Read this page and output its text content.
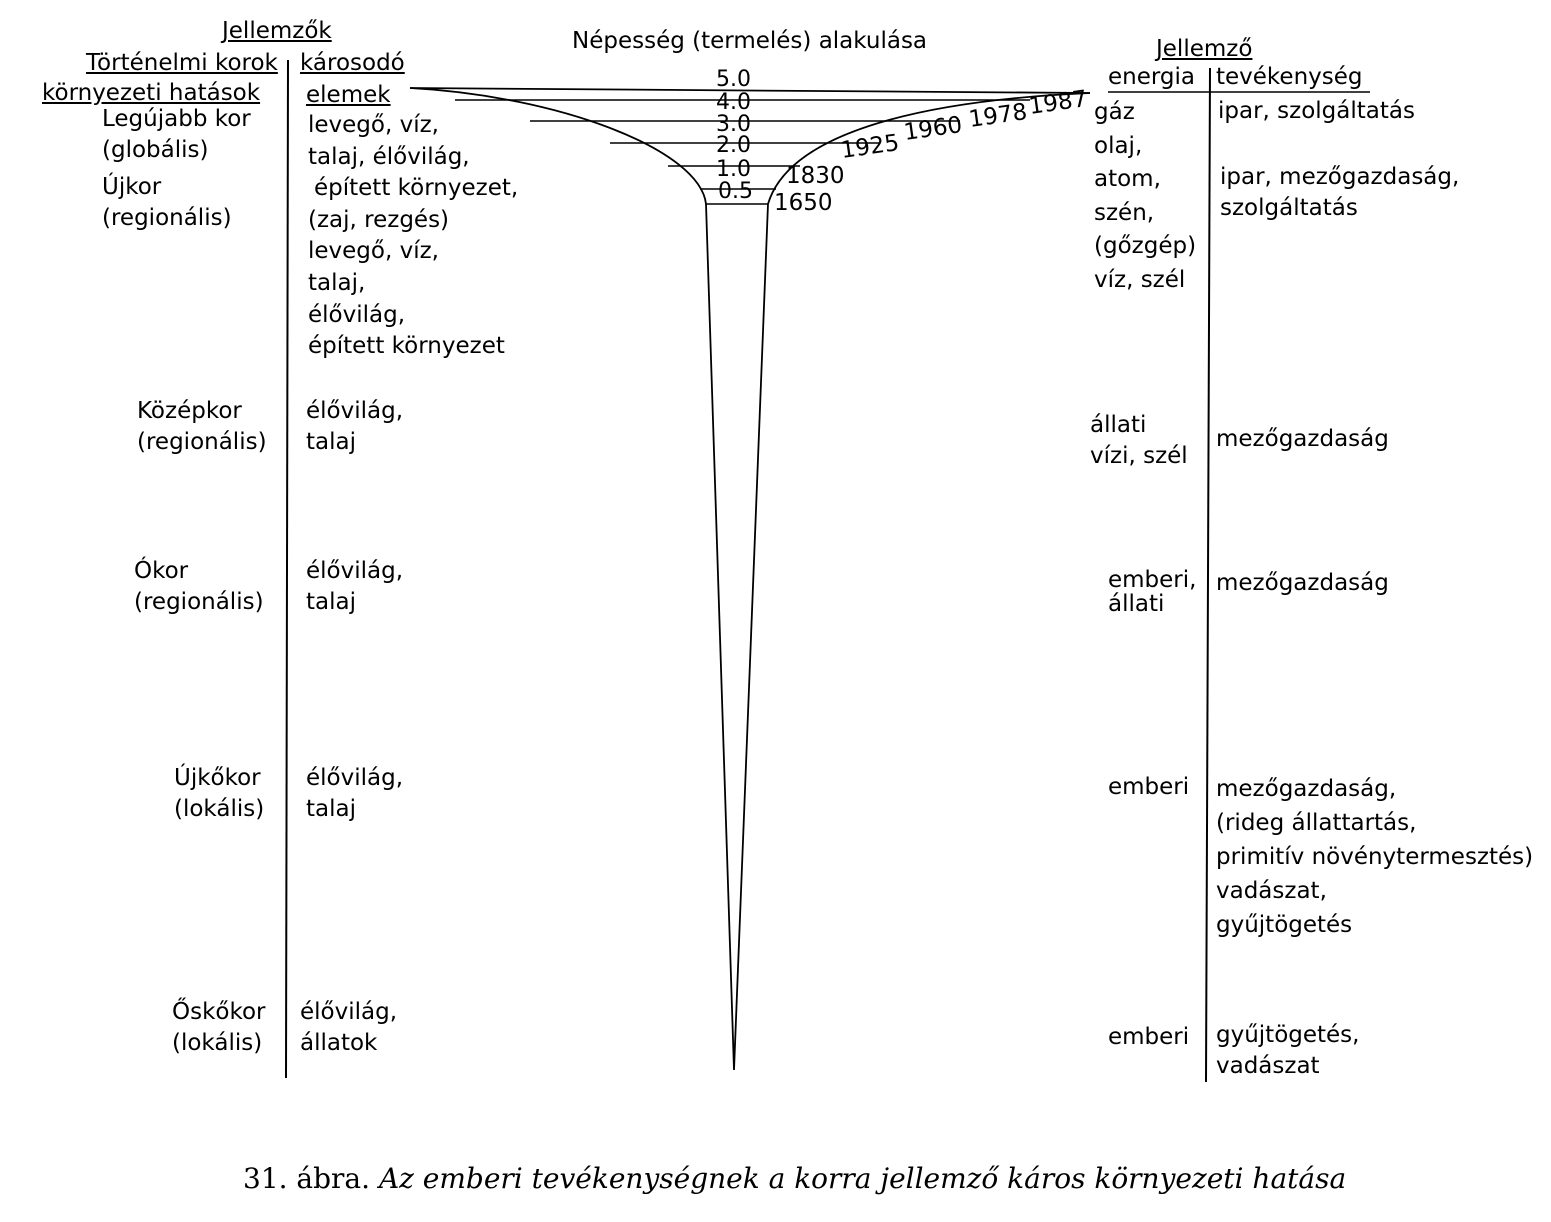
5.0
4.0
3.0
2.0
1.0
0.5 1650
1830
1925
1960 1978
1987
Jellemzők
Történelmi korok
környezeti hatások
károsodó
elemek
Népesség (termelés) alakulása	Jellemző
energia tevékenység
Legújabb kor
(globális)
Újkor
(regionális)
Középkor
(regionális)
Ókor
(regionális)
Újkőkor
(lokális)
Őskőkor
(lokális)
levegő, víz,
talaj, élővilág,
épített környezet,
(zaj, rezgés)
levegő, víz,
talaj,
élővilág,
épített környezet
élővilág,
talaj
élővilág,
talaj
élővilág,
talaj
élővilág,
állatok
gáz
olaj,
atom,
szén,
(gőzgép)
víz, szél
állati
vízi, szél
emberi,
állati
emberi
emberi
ipar, szolgáltatás
ipar, mezőgazdaság,
szolgáltatás
mezőgazdaság
mezőgazdaság
mezőgazdaság,
(rideg állattartás,
primitív növénytermesztés)
vadászat,
gyűjtögetés
gyűjtögetés,
vadászat
31. ábra. Az emberi tevékenységnek a korra jellemző káros környezeti hatása
